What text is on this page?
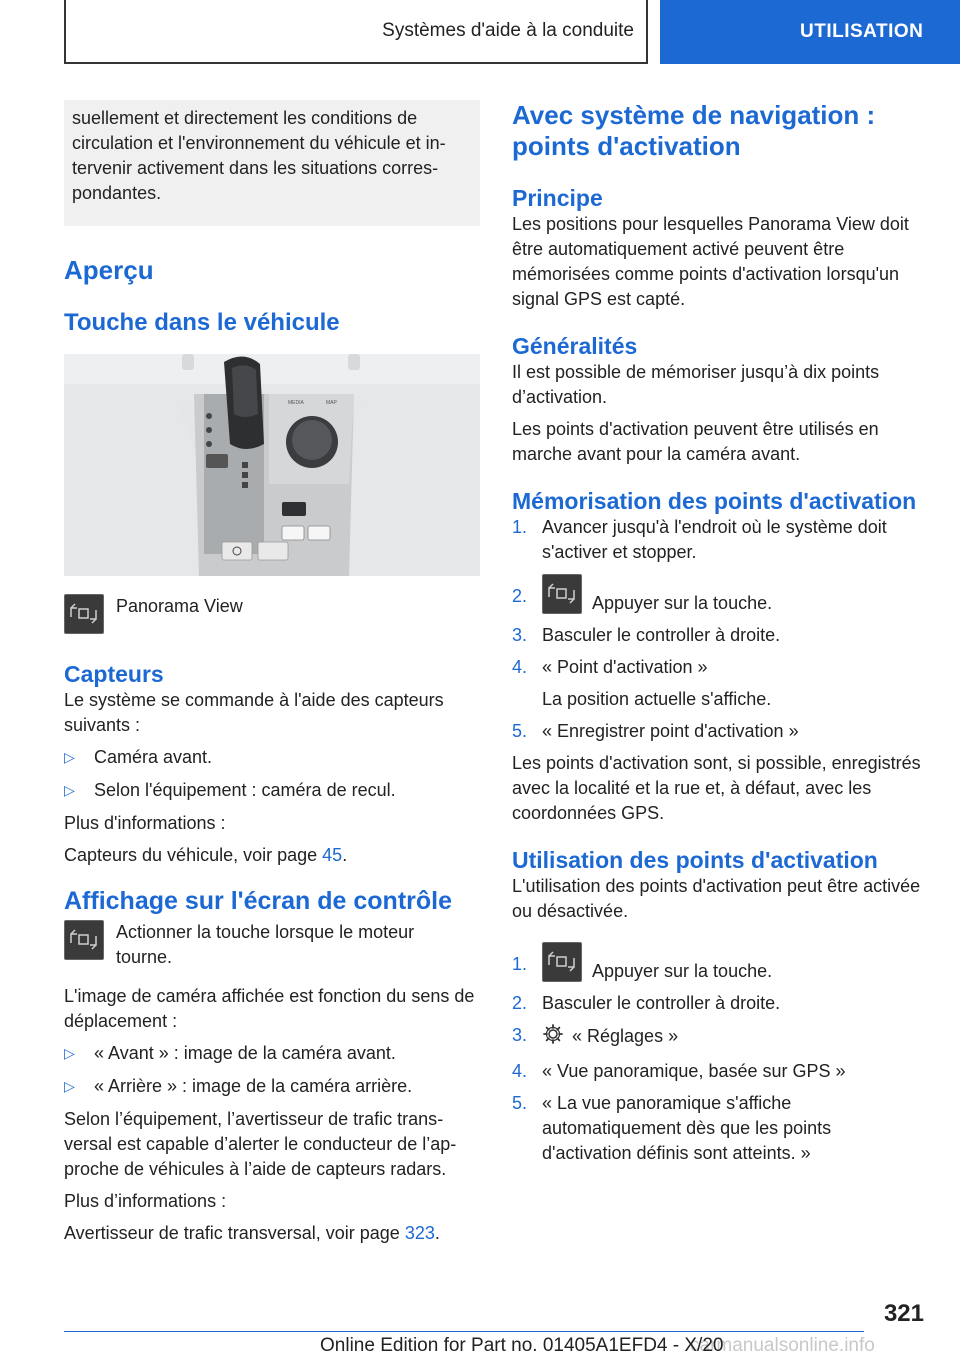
Systèmes d'aide à la conduite	UTILISATION
suellement et directement les conditions de circulation et l'environnement du véhicule et intervenir activement dans les situations correspondantes.
Aperçu
Touche dans le véhicule
MEDIA	MAP
Panorama View
Capteurs

Le système se commande à l'aide des capteurs suivants :

▷ Caméra avant.
▷ Selon l'équipement : caméra de recul.

Plus d'informations :

Capteurs du véhicule, voir page 45.

Affichage sur l'écran de contrôle
Actionner la touche lorsque le moteur tourne.

L'image de caméra affichée est fonction du sens de déplacement :

▷ « Avant » : image de la caméra avant.
▷ « Arrière » : image de la caméra arrière.

Selon l’équipement, l’avertisseur de trafic transversal est capable d’alerter le conducteur de l’approche de véhicules à l’aide de capteurs radars.

Plus d’informations :

Avertisseur de trafic transversal, voir page 323.

Avec système de navigation : points d'activation
Principe

Les positions pour lesquelles Panorama View doit être automatiquement activé peuvent être mémorisées comme points d'activation lorsqu'un signal GPS est capté.

Généralités

Il est possible de mémoriser jusqu’à dix points d’activation.

Les points d'activation peuvent être utilisés en marche avant pour la caméra avant.

Mémorisation des points d'activation
1. Avancer jusqu'à l'endroit où le système doit s'activer et stopper.
2.	Appuyer sur la touche.
3. Basculer le controller à droite.
4. « Point d'activation »
La position actuelle s'affiche.
5. « Enregistrer point d'activation »

Les points d'activation sont, si possible, enregistrés avec la localité et la rue et, à défaut, avec les coordonnées GPS.

Utilisation des points d'activation

L'utilisation des points d'activation peut être activée ou désactivée.

1.	Appuyer sur la touche.
2. Basculer le controller à droite.
3. « Réglages »
4. « Vue panoramique, basée sur GPS »
5. « La vue panoramique s'affiche automatiquement dès que les points d'activation définis sont atteints. »
321
carmanualsonline.info
Online Edition for Part no. 01405A1EFD4 - X/20
